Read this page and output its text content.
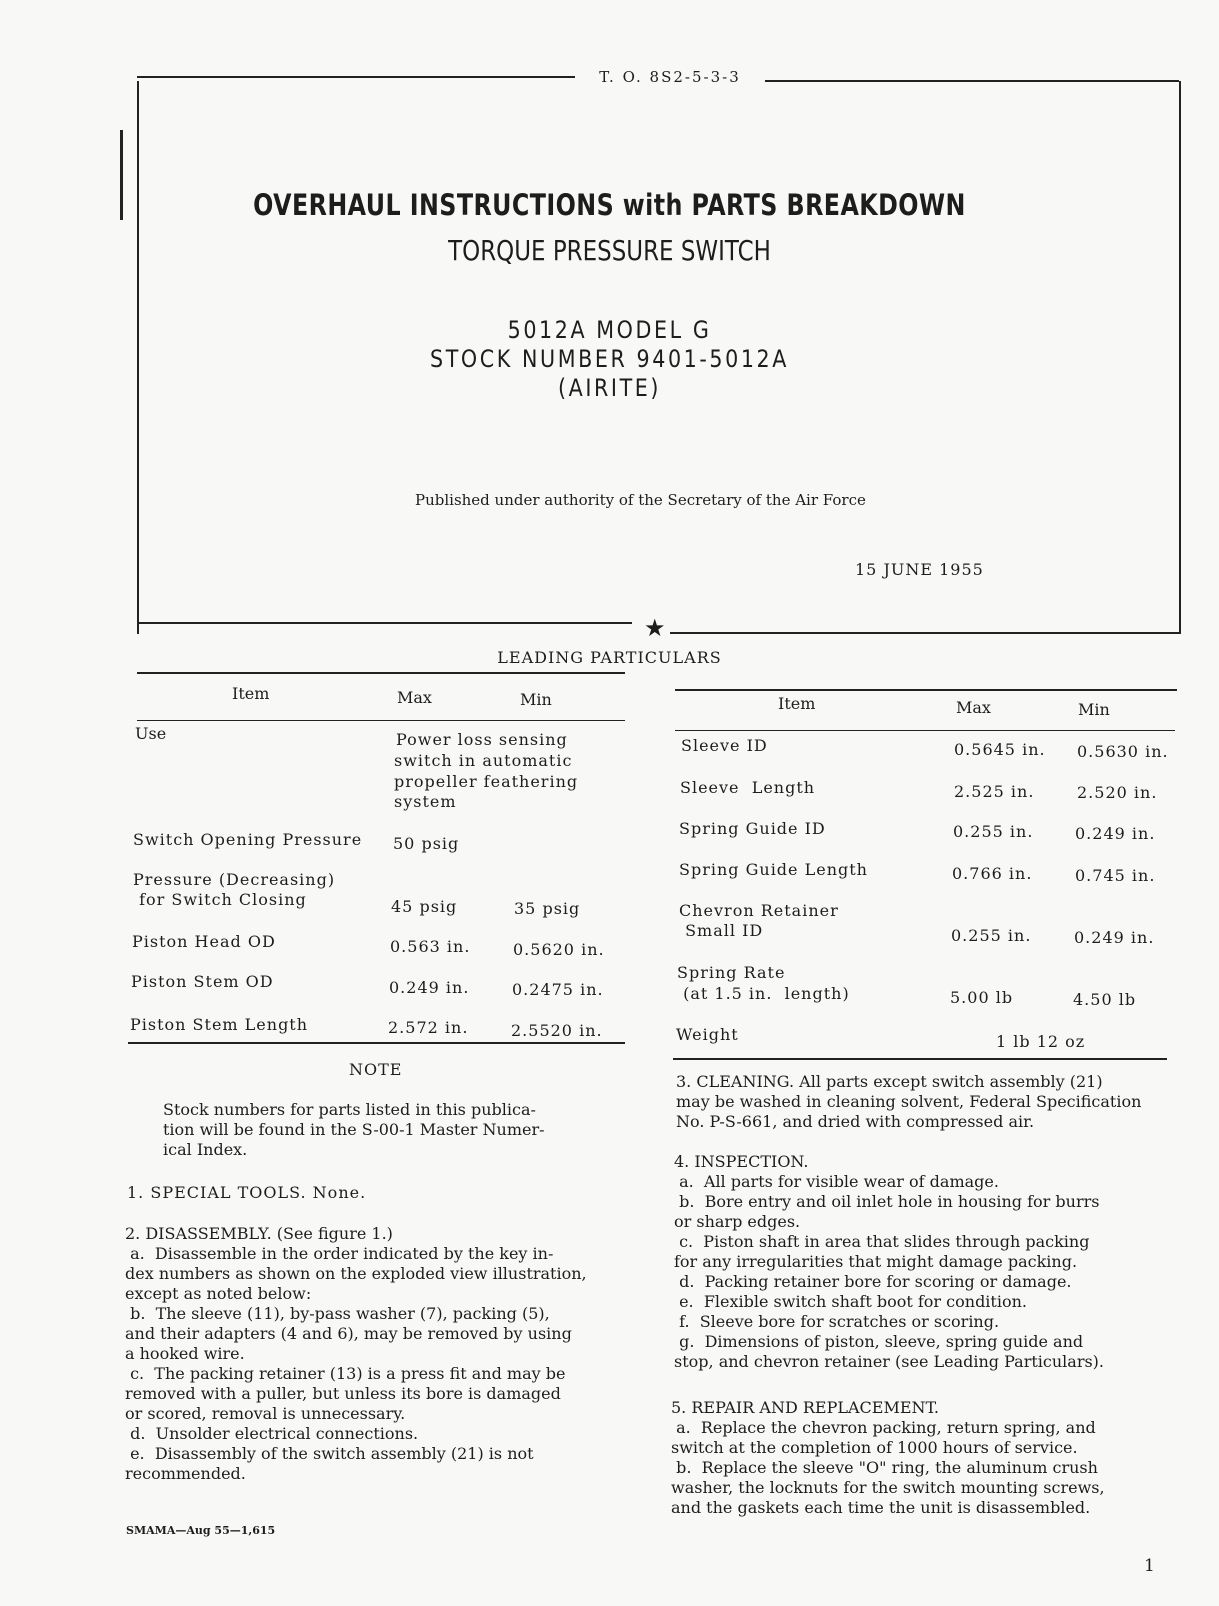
T. O. 8S2-5-3-3
★
OVERHAUL INSTRUCTIONS with PARTS BREAKDOWN
TORQUE PRESSURE SWITCH
5012A MODEL G
STOCK NUMBER 9401-5012A
(AIRITE)
Published under authority of the Secretary of the Air Force
15 JUNE 1955
LEADING PARTICULARS
Item	Max	Min
Use	Power loss sensing
switch in automatic
propeller feathering
system
Switch Opening Pressure 50 psig
Pressure (Decreasing)
for Switch Closing	45 psig	35 psig
Piston Head OD	0.563 in.	0.5620 in.
Piston Stem OD	0.249 in.	0.2475 in.
Piston Stem Length	2.572 in.	2.5520 in.
Item	Max	Min
Sleeve ID	0.5645 in. 0.5630 in.
Sleeve  Length	2.525 in.	2.520 in.
Spring Guide ID	0.255 in.	0.249 in.
Spring Guide Length	0.766 in.	0.745 in.
Chevron Retainer
Small ID	0.255 in.	0.249 in.
Spring Rate
(at 1.5 in.  length)	5.00 lb	4.50 lb
Weight	1 lb 12 oz
NOTE
Stock numbers for parts listed in this publica-
tion will be found in the S-00-1 Master Numer-
ical Index.
1. SPECIAL TOOLS. None.
2. DISASSEMBLY. (See figure 1.)
a.  Disassemble in the order indicated by the key in-
dex numbers as shown on the exploded view illustration,
except as noted below:
b.  The sleeve (11), by-pass washer (7), packing (5),
and their adapters (4 and 6), may be removed by using
a hooked wire.
c.  The packing retainer (13) is a press fit and may be
removed with a puller, but unless its bore is damaged
or scored, removal is unnecessary.
d.  Unsolder electrical connections.
e.  Disassembly of the switch assembly (21) is not
recommended.
SMAMA—Aug 55—1,615
3. CLEANING. All parts except switch assembly (21)
may be washed in cleaning solvent, Federal Specification
No. P-S-661, and dried with compressed air.
4. INSPECTION.
a.  All parts for visible wear of damage.
b.  Bore entry and oil inlet hole in housing for burrs
or sharp edges.
c.  Piston shaft in area that slides through packing
for any irregularities that might damage packing.
d.  Packing retainer bore for scoring or damage.
e.  Flexible switch shaft boot for condition.
f.  Sleeve bore for scratches or scoring.
g.  Dimensions of piston, sleeve, spring guide and
stop, and chevron retainer (see Leading Particulars).
5. REPAIR AND REPLACEMENT.
a.  Replace the chevron packing, return spring, and
switch at the completion of 1000 hours of service.
b.  Replace the sleeve "O" ring, the aluminum crush
washer, the locknuts for the switch mounting screws,
and the gaskets each time the unit is disassembled.
1
